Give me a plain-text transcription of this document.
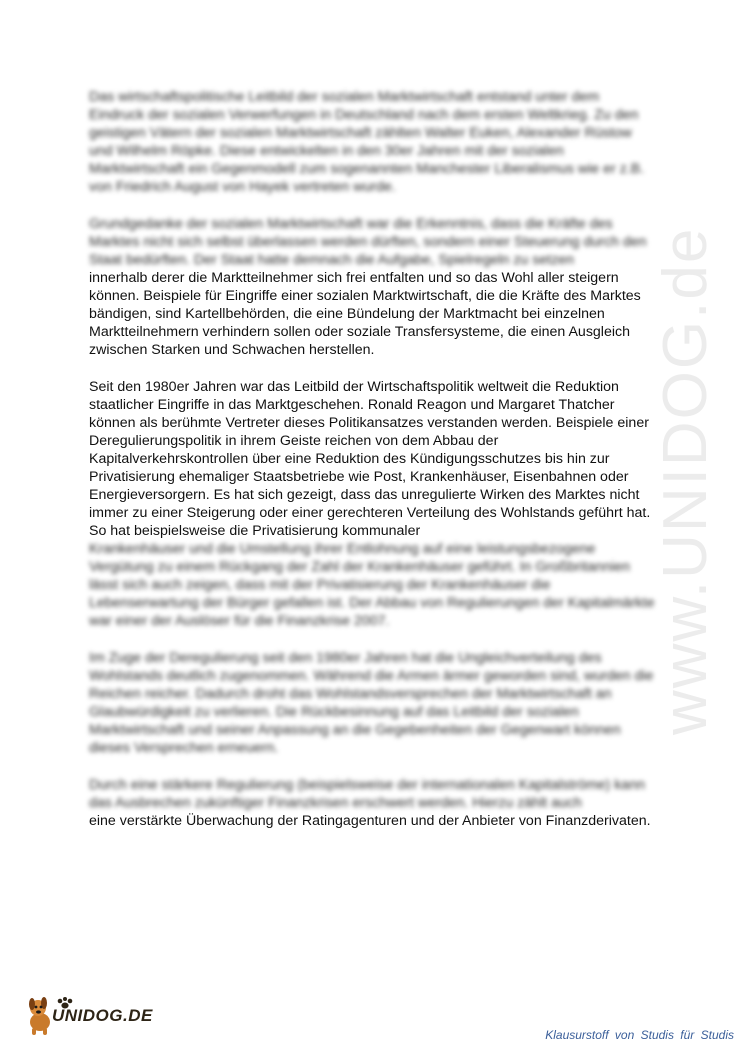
www.UNIDOG.de

Das wirtschaftspolitische Leitbild der sozialen Marktwirtschaft entstand unter dem Eindruck der sozialen Verwerfungen in Deutschland nach dem ersten Weltkrieg. Zu den geistigen Vätern der sozialen Marktwirtschaft zählten Walter Euken, Alexander Rüstow und Wilhelm Röpke. Diese entwickelten in den 30er Jahren mit der sozialen Marktwirtschaft ein Gegenmodell zum sogenannten Manchester Liberalismus wie er z.B. von Friedrich August von Hayek vertreten wurde.

Grundgedanke der sozialen Marktwirtschaft war die Erkenntnis, dass die Kräfte des Marktes nicht sich selbst überlassen werden dürften, sondern einer Steuerung durch den Staat bedürften. Der Staat hatte demnach die Aufgabe, Spielregeln zu setzen
innerhalb derer die Marktteilnehmer sich frei entfalten und so das Wohl aller steigern können. Beispiele für Eingriffe einer sozialen Marktwirtschaft, die die Kräfte des Marktes bändigen, sind Kartellbehörden, die eine Bündelung der Marktmacht bei einzelnen Marktteilnehmern verhindern sollen oder soziale Transfersysteme, die einen Ausgleich zwischen Starken und Schwachen herstellen.

Seit den 1980er Jahren war das Leitbild der Wirtschaftspolitik weltweit die Reduktion staatlicher Eingriffe in das Marktgeschehen. Ronald Reagon und Margaret Thatcher können als berühmte Vertreter dieses Politikansatzes verstanden werden. Beispiele einer Deregulierungspolitik in ihrem Geiste reichen von dem Abbau der Kapitalverkehrskontrollen über eine Reduktion des Kündigungsschutzes bis hin zur Privatisierung ehemaliger Staatsbetriebe wie Post, Krankenhäuser, Eisenbahnen oder Energieversorgern. Es hat sich gezeigt, dass das unregulierte Wirken des Marktes nicht immer zu einer Steigerung oder einer gerechteren Verteilung des Wohlstands geführt hat. So hat beispielsweise die Privatisierung kommunaler
Krankenhäuser und die Umstellung ihrer Entlohnung auf eine leistungsbezogene Vergütung zu einem Rückgang der Zahl der Krankenhäuser geführt. In Großbritannien lässt sich auch zeigen, dass mit der Privatisierung der Krankenhäuser die Lebenserwartung der Bürger gefallen ist. Der Abbau von Regulierungen der Kapitalmärkte war einer der Auslöser für die Finanzkrise 2007.

Im Zuge der Deregulierung seit den 1980er Jahren hat die Ungleichverteilung des Wohlstands deutlich zugenommen. Während die Armen ärmer geworden sind, wurden die Reichen reicher. Dadurch droht das Wohlstandsversprechen der Marktwirtschaft an Glaubwürdigkeit zu verlieren. Die Rückbesinnung auf das Leitbild der sozialen Marktwirtschaft und seiner Anpassung an die Gegebenheiten der Gegenwart können dieses Versprechen erneuern.

Durch eine stärkere Regulierung (beispielsweise der internationalen Kapitalströme) kann das Ausbrechen zukünftiger Finanzkrisen erschwert werden. Hierzu zählt auch
eine verstärkte Überwachung der Ratingagenturen und der Anbieter von Finanzderivaten.

UNIDOG.DE
Klausurstoff von Studis für Studis
